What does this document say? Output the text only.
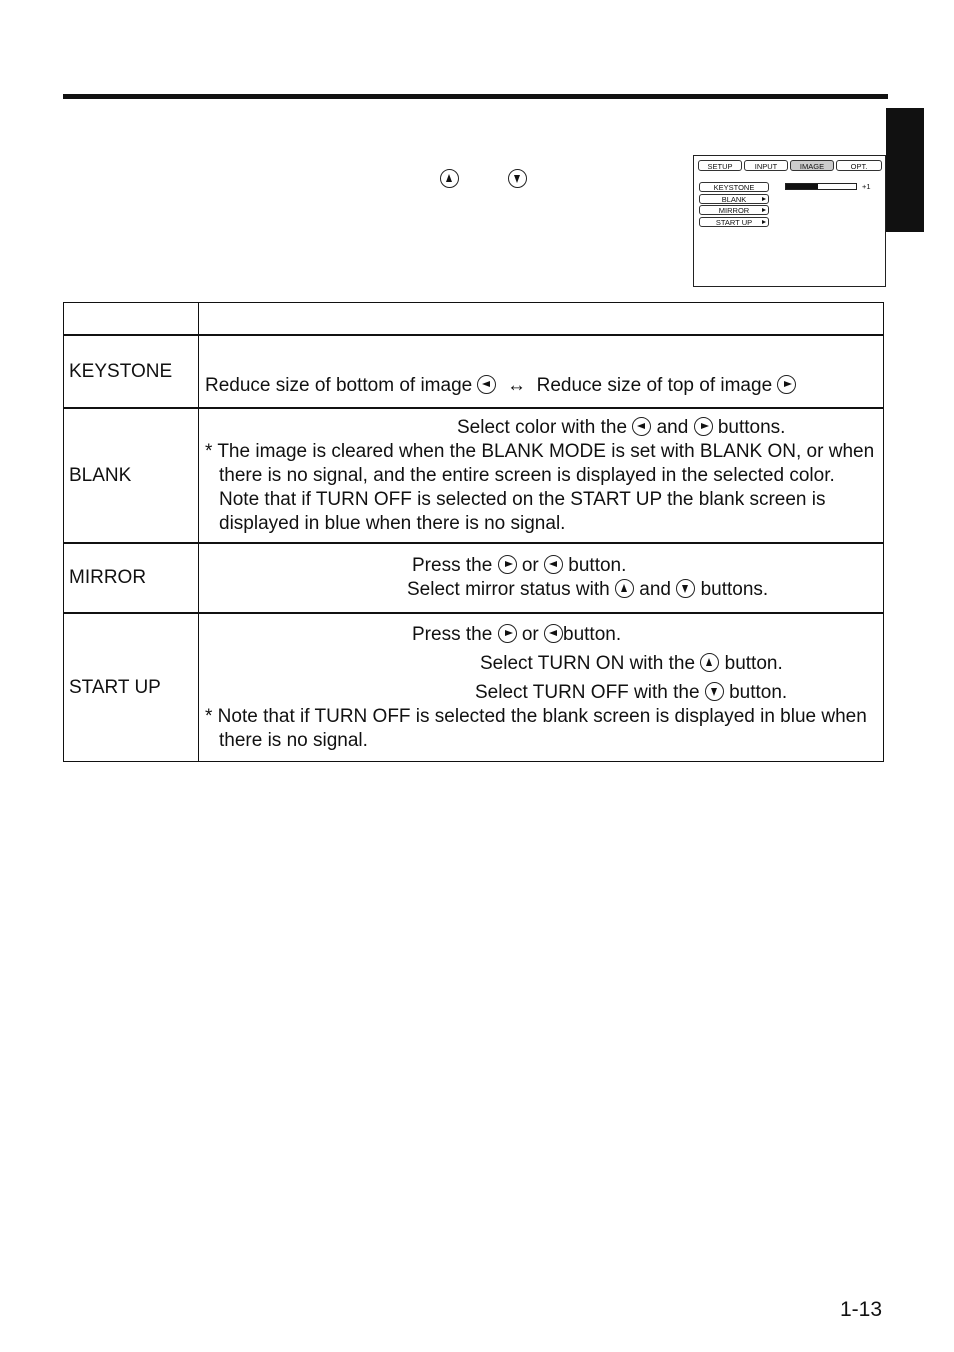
SETUP	INPUT	IMAGE	OPT.
KEYSTONE
BLANK
MIRROR
START UP
+1

KEYSTONE	Reduce size of bottom of image   ↔  Reduce size of top of image

BLANK	Select color with the and buttons.
* The image is cleared when the BLANK MODE is set with BLANK ON, or when there is no signal, and the entire screen is displayed in the selected color. Note that if TURN OFF is selected on the START UP the blank screen is displayed in blue when there is no signal.

MIRROR	Press the or button.
Select mirror status with and buttons.

START UP	Press the or button.
Select TURN ON with the button.
Select TURN OFF with the button.
* Note that if TURN OFF is selected the blank screen is displayed in blue when there is no signal.
1-13
